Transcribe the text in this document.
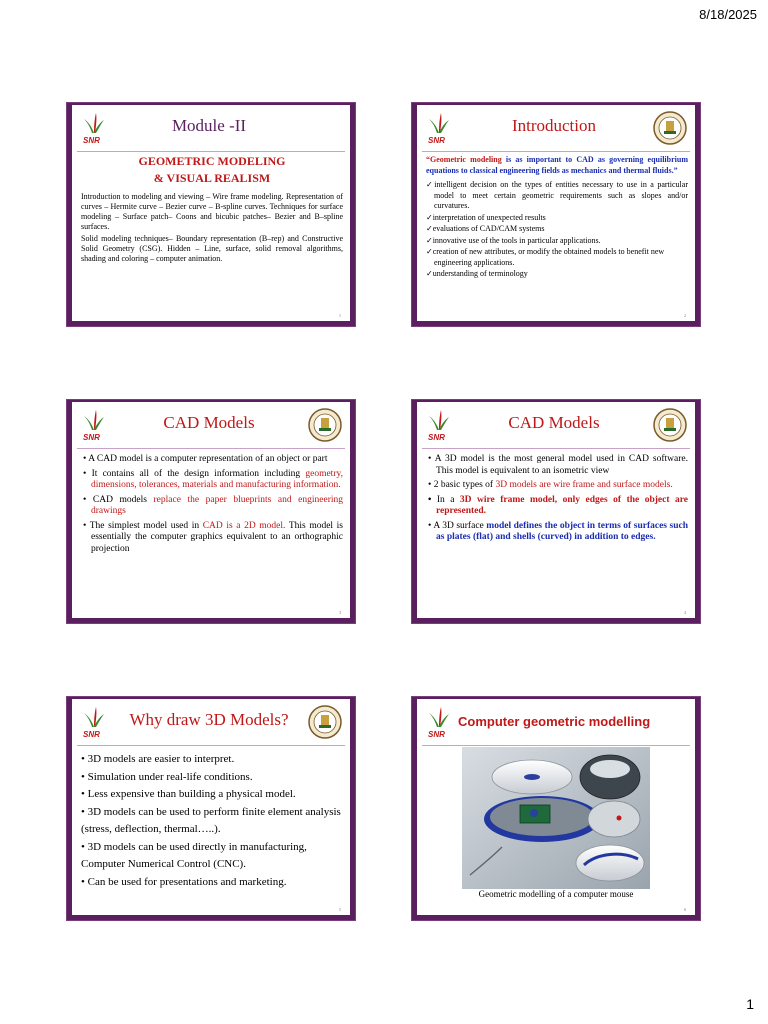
8/18/2025
SNR
Module -II
GEOMETRIC MODELING
& VISUAL REALISM
Introduction to modeling and viewing – Wire frame modeling. Representation of curves – Hermite curve – Bezier curve – B-spline curves. Techniques for surface modeling – Surface patch– Coons and bicubic patches– Bezier and B–spline surfaces.
Solid modeling techniques– Boundary representation (B–rep) and Constructive Solid Geometry (CSG). Hidden – Line, surface, solid removal algorithms, shading and coloring – computer animation.
1
SNR
Introduction
“Geometric modeling is as important to CAD as governing equilibrium equations to classical engineering fields as mechanics and thermal fluids.”
✓intelligent decision on the types of entities necessary to use in a particular model to meet certain geometric requirements such as slopes and/or curvatures.
✓interpretation of unexpected results
✓evaluations of CAD/CAM systems
✓innovative use of the tools in particular applications.
✓creation of new attributes, or modify the obtained models to benefit new engineering applications.
✓understanding of terminology
2
SNR
CAD Models
• A CAD model is a computer representation of an object or part
• It contains all of the design information including geometry, dimensions, tolerances, materials and manufacturing information.
• CAD models replace the paper blueprints and engineering drawings
• The simplest model used in CAD is a 2D model. This model is essentially the computer graphics equivalent to an orthographic projection
3
SNR
CAD Models
• A 3D model is the most general model used in CAD software. This model is equivalent to an isometric view
• 2 basic types of 3D models are wire frame and surface models.
• In a 3D wire frame model, only edges of the object are represented.
• A 3D surface model defines the object in terms of surfaces such as plates (flat) and shells (curved) in addition to edges.
4
SNR
Why draw 3D Models?
• 3D models are easier to interpret.
• Simulation under real-life conditions.
• Less expensive than building a physical model.
• 3D models can be used to perform finite element analysis (stress, deflection, thermal…..).
• 3D models can be used directly in manufacturing, Computer Numerical Control (CNC).
• Can be used for presentations and marketing.
5
SNR
Computer geometric modelling
Geometric modelling of a computer mouse
6
1
